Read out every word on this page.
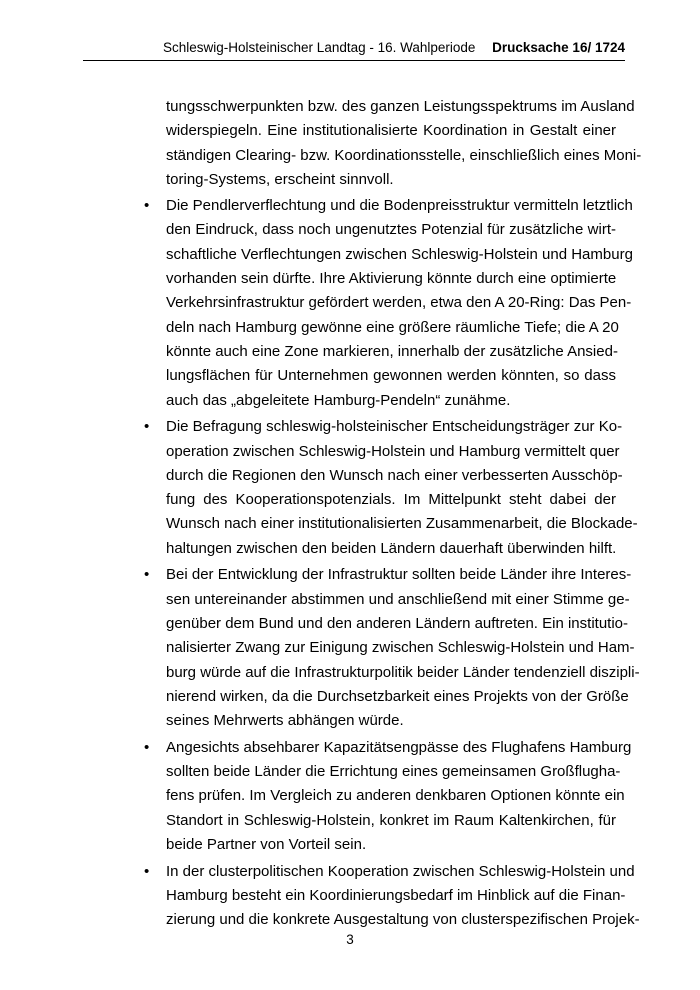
Schleswig-Holsteinischer Landtag - 16. Wahlperiode Drucksache 16/ 1724
tungsschwerpunkten bzw. des ganzen Leistungsspektrums im Ausland
widerspiegeln. Eine institutionalisierte Koordination in Gestalt einer
ständigen Clearing- bzw. Koordinationsstelle, einschließlich eines Moni-
toring-Systems, erscheint sinnvoll.
• Die Pendlerverflechtung und die Bodenpreisstruktur vermitteln letztlich
den Eindruck, dass noch ungenutztes Potenzial für zusätzliche wirt-
schaftliche Verflechtungen zwischen Schleswig-Holstein und Hamburg
vorhanden sein dürfte. Ihre Aktivierung könnte durch eine optimierte
Verkehrsinfrastruktur gefördert werden, etwa den A 20-Ring: Das Pen-
deln nach Hamburg gewönne eine größere räumliche Tiefe; die A 20
könnte auch eine Zone markieren, innerhalb der zusätzliche Ansied-
lungsflächen für Unternehmen gewonnen werden könnten, so dass
auch das „abgeleitete Hamburg-Pendeln“ zunähme.
• Die Befragung schleswig-holsteinischer Entscheidungsträger zur Ko-
operation zwischen Schleswig-Holstein und Hamburg vermittelt quer
durch die Regionen den Wunsch nach einer verbesserten Ausschöp-
fung des Kooperationspotenzials. Im Mittelpunkt steht dabei der
Wunsch nach einer institutionalisierten Zusammenarbeit, die Blockade-
haltungen zwischen den beiden Ländern dauerhaft überwinden hilft.
• Bei der Entwicklung der Infrastruktur sollten beide Länder ihre Interes-
sen untereinander abstimmen und anschließend mit einer Stimme ge-
genüber dem Bund und den anderen Ländern auftreten. Ein institutio-
nalisierter Zwang zur Einigung zwischen Schleswig-Holstein und Ham-
burg würde auf die Infrastrukturpolitik beider Länder tendenziell diszipli-
nierend wirken, da die Durchsetzbarkeit eines Projekts von der Größe
seines Mehrwerts abhängen würde.
• Angesichts absehbarer Kapazitätsengpässe des Flughafens Hamburg
sollten beide Länder die Errichtung eines gemeinsamen Großflugha-
fens prüfen. Im Vergleich zu anderen denkbaren Optionen könnte ein
Standort in Schleswig-Holstein, konkret im Raum Kaltenkirchen, für
beide Partner von Vorteil sein.
• In der clusterpolitischen Kooperation zwischen Schleswig-Holstein und
Hamburg besteht ein Koordinierungsbedarf im Hinblick auf die Finan-
zierung und die konkrete Ausgestaltung von clusterspezifischen Projek-
3
